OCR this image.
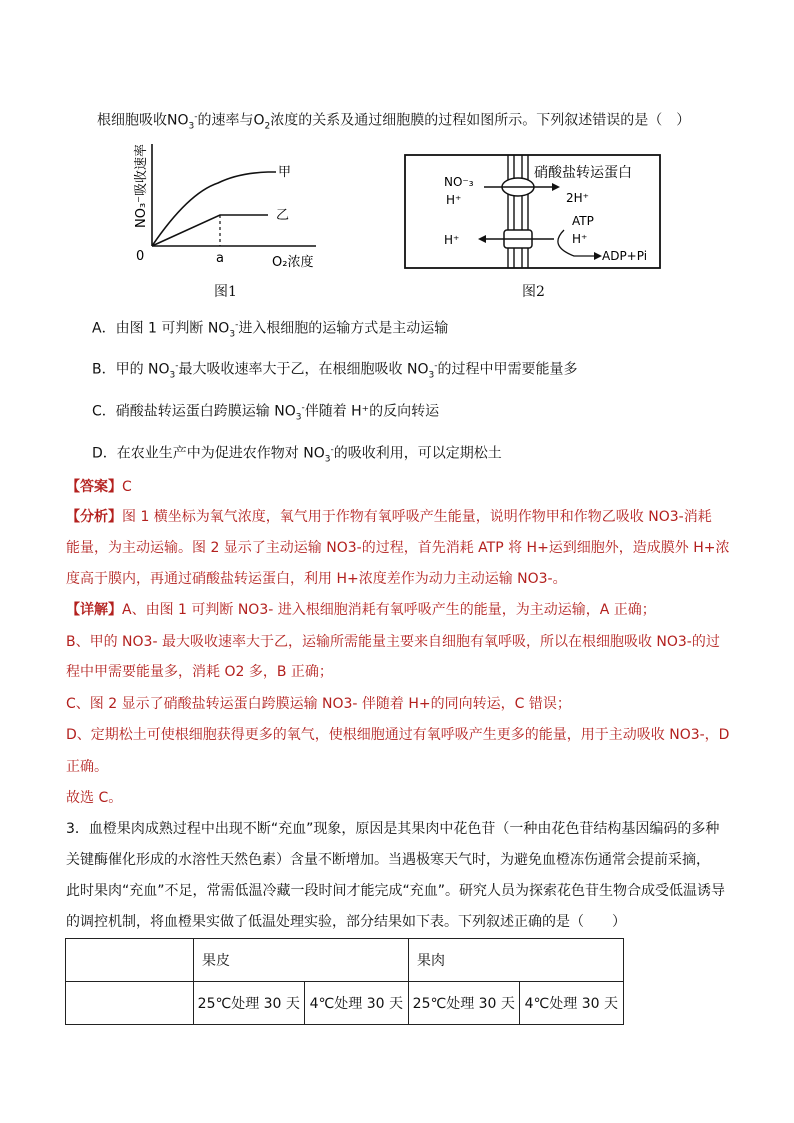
根细胞吸收$NO_3^-$的速率与$O_2$浓度的关系及通过细胞膜的过程如图所示。下列叙述错误的是（　）
0	a	O₂浓度
甲
乙
NO₃⁻吸收速率
图1
硝酸盐转运蛋白
NO⁻₃
H⁺	2H⁺
ATP
H⁺
H⁺
ADP+Pi
图2
A．由图 1 可判断 $NO_3^-$进入根细胞的运输方式是主动运输
B．甲的 $NO_3^-$最大吸收速率大于乙，在根细胞吸收 $NO_3^-$的过程中甲需要能量多
C．硝酸盐转运蛋白跨膜运输 $NO_3^-$伴随着 H⁺的反向转运
D．在农业生产中为促进农作物对 $NO_3^-$的吸收利用，可以定期松土
【答案】C
【分析】图 1 横坐标为氧气浓度，氧气用于作物有氧呼吸产生能量，说明作物甲和作物乙吸收 NO3-消耗
能量，为主动运输。图 2 显示了主动运输 NO3-的过程，首先消耗 ATP 将 H+运到细胞外，造成膜外 H+浓
度高于膜内，再通过硝酸盐转运蛋白，利用 H+浓度差作为动力主动运输 NO3-。
【详解】A、由图 1 可判断 NO3- 进入根细胞消耗有氧呼吸产生的能量，为主动运输，A 正确；
B、甲的 NO3- 最大吸收速率大于乙，运输所需能量主要来自细胞有氧呼吸，所以在根细胞吸收 NO3-的过
程中甲需要能量多，消耗 O2 多，B 正确；
C、图 2 显示了硝酸盐转运蛋白跨膜运输 NO3- 伴随着 H+的同向转运，C 错误；
D、定期松土可使根细胞获得更多的氧气，使根细胞通过有氧呼吸产生更多的能量，用于主动吸收 NO3-，D
正确。
故选 C。
3．血橙果肉成熟过程中出现不断“充血”现象，原因是其果肉中花色苷（一种由花色苷结构基因编码的多种
关键酶催化形成的水溶性天然色素）含量不断增加。当遇极寒天气时，为避免血橙冻伤通常会提前采摘，
此时果肉“充血”不足，常需低温冷藏一段时间才能完成“充血”。研究人员为探索花色苷生物合成受低温诱导
的调控机制，将血橙果实做了低温处理实验，部分结果如下表。下列叙述正确的是（　　）
	果皮		果肉	
	25℃处理 30 天	4℃处理 30 天	25℃处理 30 天	4℃处理 30 天
